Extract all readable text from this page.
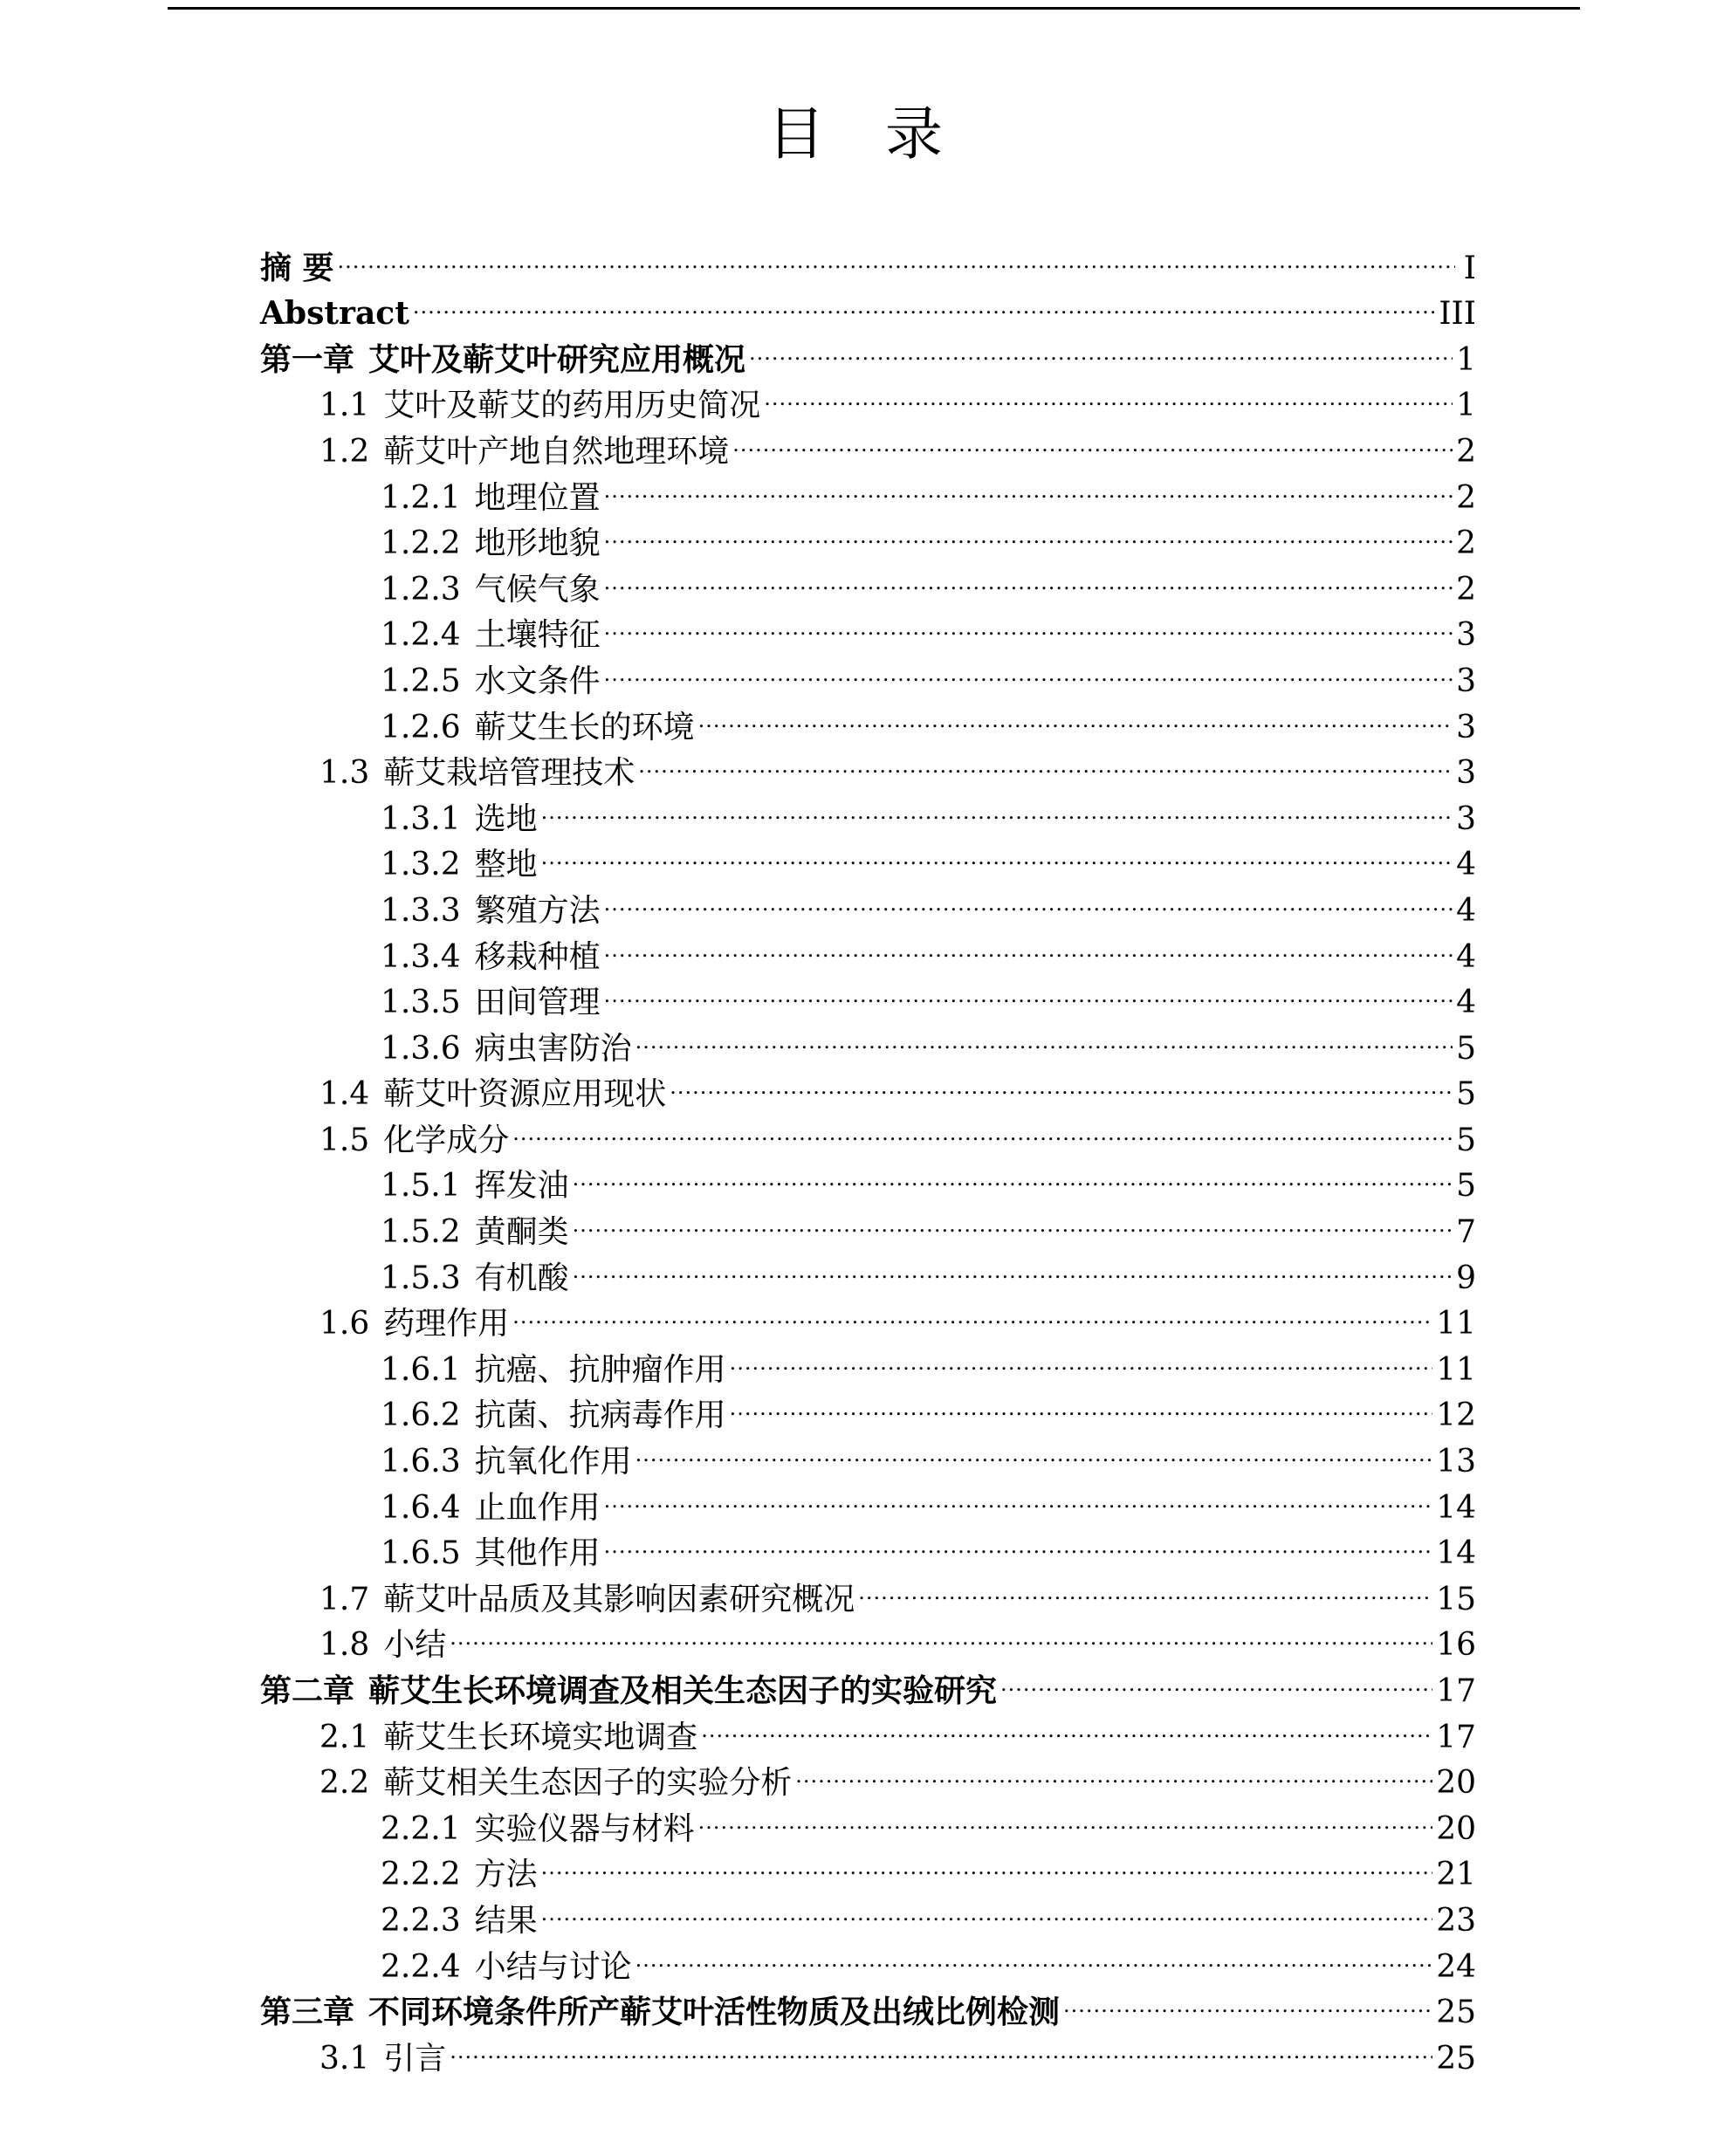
目 录
摘 要 .....	I
Abstract .....	III
第一章 艾叶及蕲艾叶研究应用概况 .....	1
1.1 艾叶及蕲艾的药用历史简况 .....	1
1.2 蕲艾叶产地自然地理环境 .....	2
1.2.1 地理位置 .....	2
1.2.2 地形地貌 .....	2
1.2.3 气候气象 .....	2
1.2.4 土壤特征 .....	3
1.2.5 水文条件 .....	3
1.2.6 蕲艾生长的环境 .....	3
1.3 蕲艾栽培管理技术 .....	3
1.3.1 选地 .....	3
1.3.2 整地 .....	4
1.3.3 繁殖方法 .....	4
1.3.4 移栽种植 .....	4
1.3.5 田间管理 .....	4
1.3.6 病虫害防治 .....	5
1.4 蕲艾叶资源应用现状 .....	5
1.5 化学成分 .....	5
1.5.1 挥发油 .....	5
1.5.2 黄酮类 .....	7
1.5.3 有机酸 .....	9
1.6 药理作用 .....	11
1.6.1 抗癌、抗肿瘤作用 .....	11
1.6.2 抗菌、抗病毒作用 .....	12
1.6.3 抗氧化作用 .....	13
1.6.4 止血作用 .....	14
1.6.5 其他作用 .....	14
1.7 蕲艾叶品质及其影响因素研究概况 .....	15
1.8 小结 .....	16
第二章 蕲艾生长环境调查及相关生态因子的实验研究 .....	17
2.1 蕲艾生长环境实地调查 .....	17
2.2 蕲艾相关生态因子的实验分析 .....	20
2.2.1 实验仪器与材料 .....	20
2.2.2 方法 .....	21
2.2.3 结果 .....	23
2.2.4 小结与讨论 .....	24
第三章 不同环境条件所产蕲艾叶活性物质及出绒比例检测 .....	25
3.1 引言 .....	25
